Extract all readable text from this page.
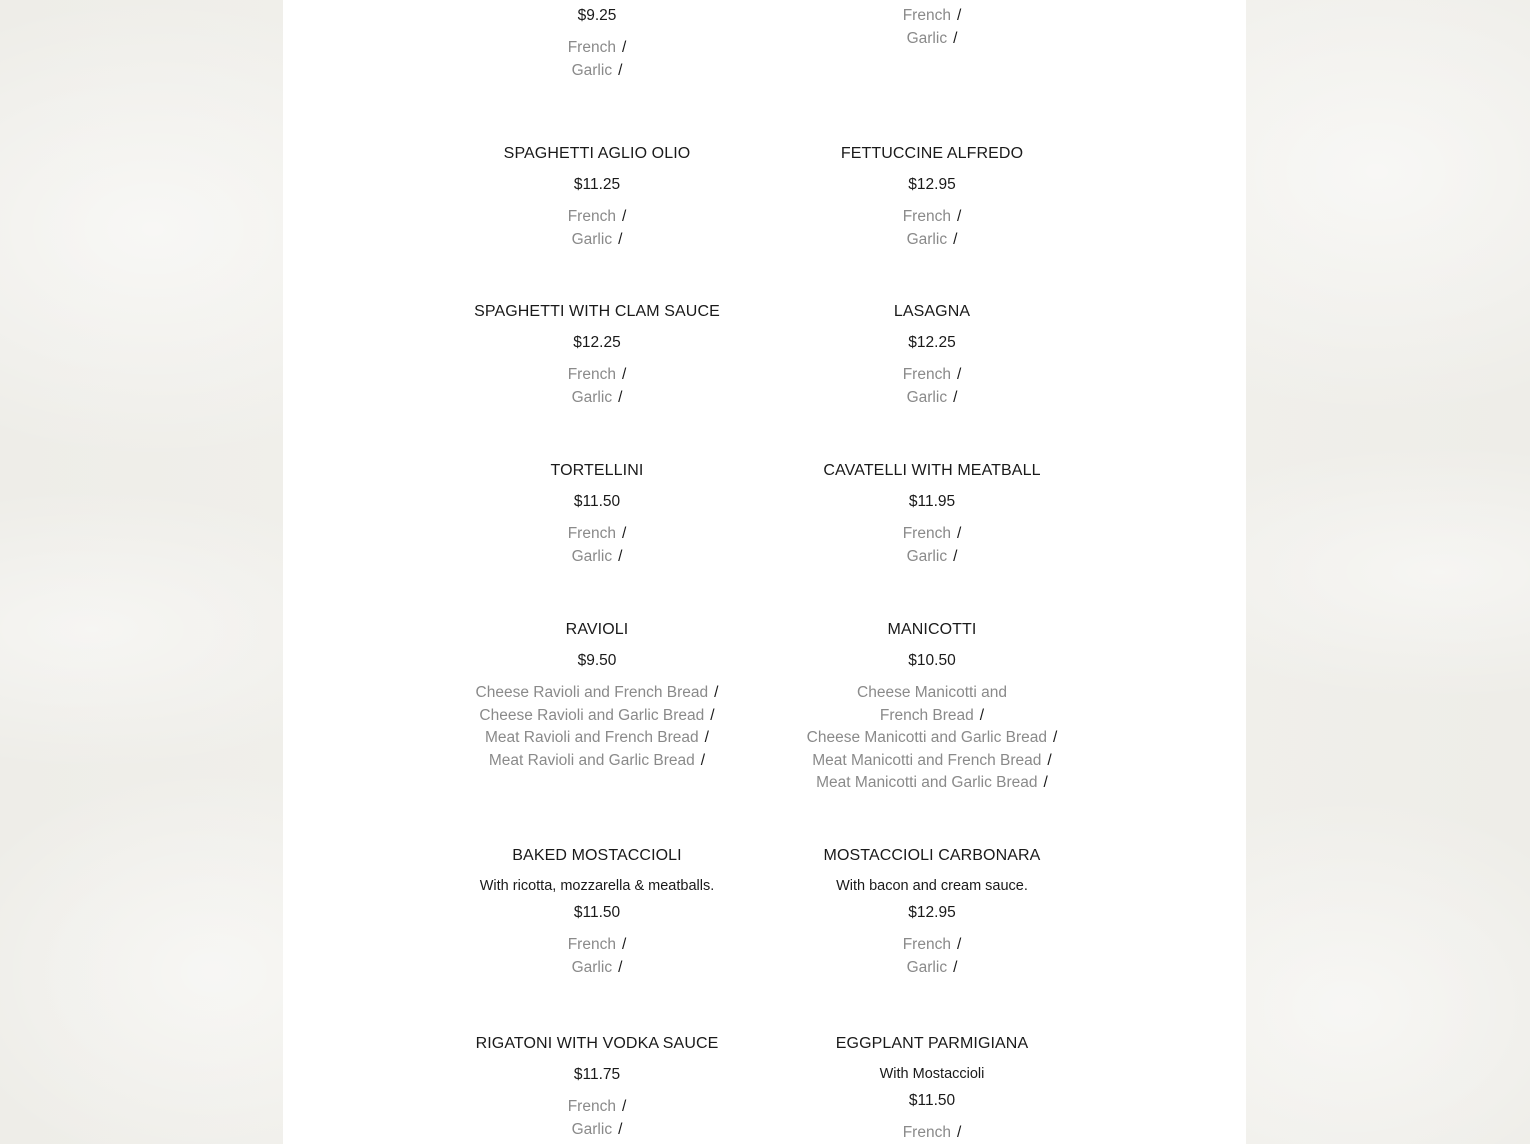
$9.25
French /
Garlic /
French /
Garlic /
SPAGHETTI AGLIO OLIO
$11.25
French /
Garlic /
FETTUCCINE ALFREDO
$12.95
French /
Garlic /
SPAGHETTI WITH CLAM SAUCE
$12.25
French /
Garlic /
LASAGNA
$12.25
French /
Garlic /
TORTELLINI
$11.50
French /
Garlic /
CAVATELLI WITH MEATBALL
$11.95
French /
Garlic /
RAVIOLI
$9.50
Cheese Ravioli and French Bread /
Cheese Ravioli and Garlic Bread /
Meat Ravioli and French Bread /
Meat Ravioli and Garlic Bread /
MANICOTTI
$10.50
Cheese Manicotti and French Bread /
Cheese Manicotti and Garlic Bread /
Meat Manicotti and French Bread /
Meat Manicotti and Garlic Bread /
BAKED MOSTACCIOLI
With ricotta, mozzarella & meatballs.
$11.50
French /
Garlic /
MOSTACCIOLI CARBONARA
With bacon and cream sauce.
$12.95
French /
Garlic /
RIGATONI WITH VODKA SAUCE
$11.75
French /
Garlic /
EGGPLANT PARMIGIANA
With Mostaccioli
$11.50
French /
